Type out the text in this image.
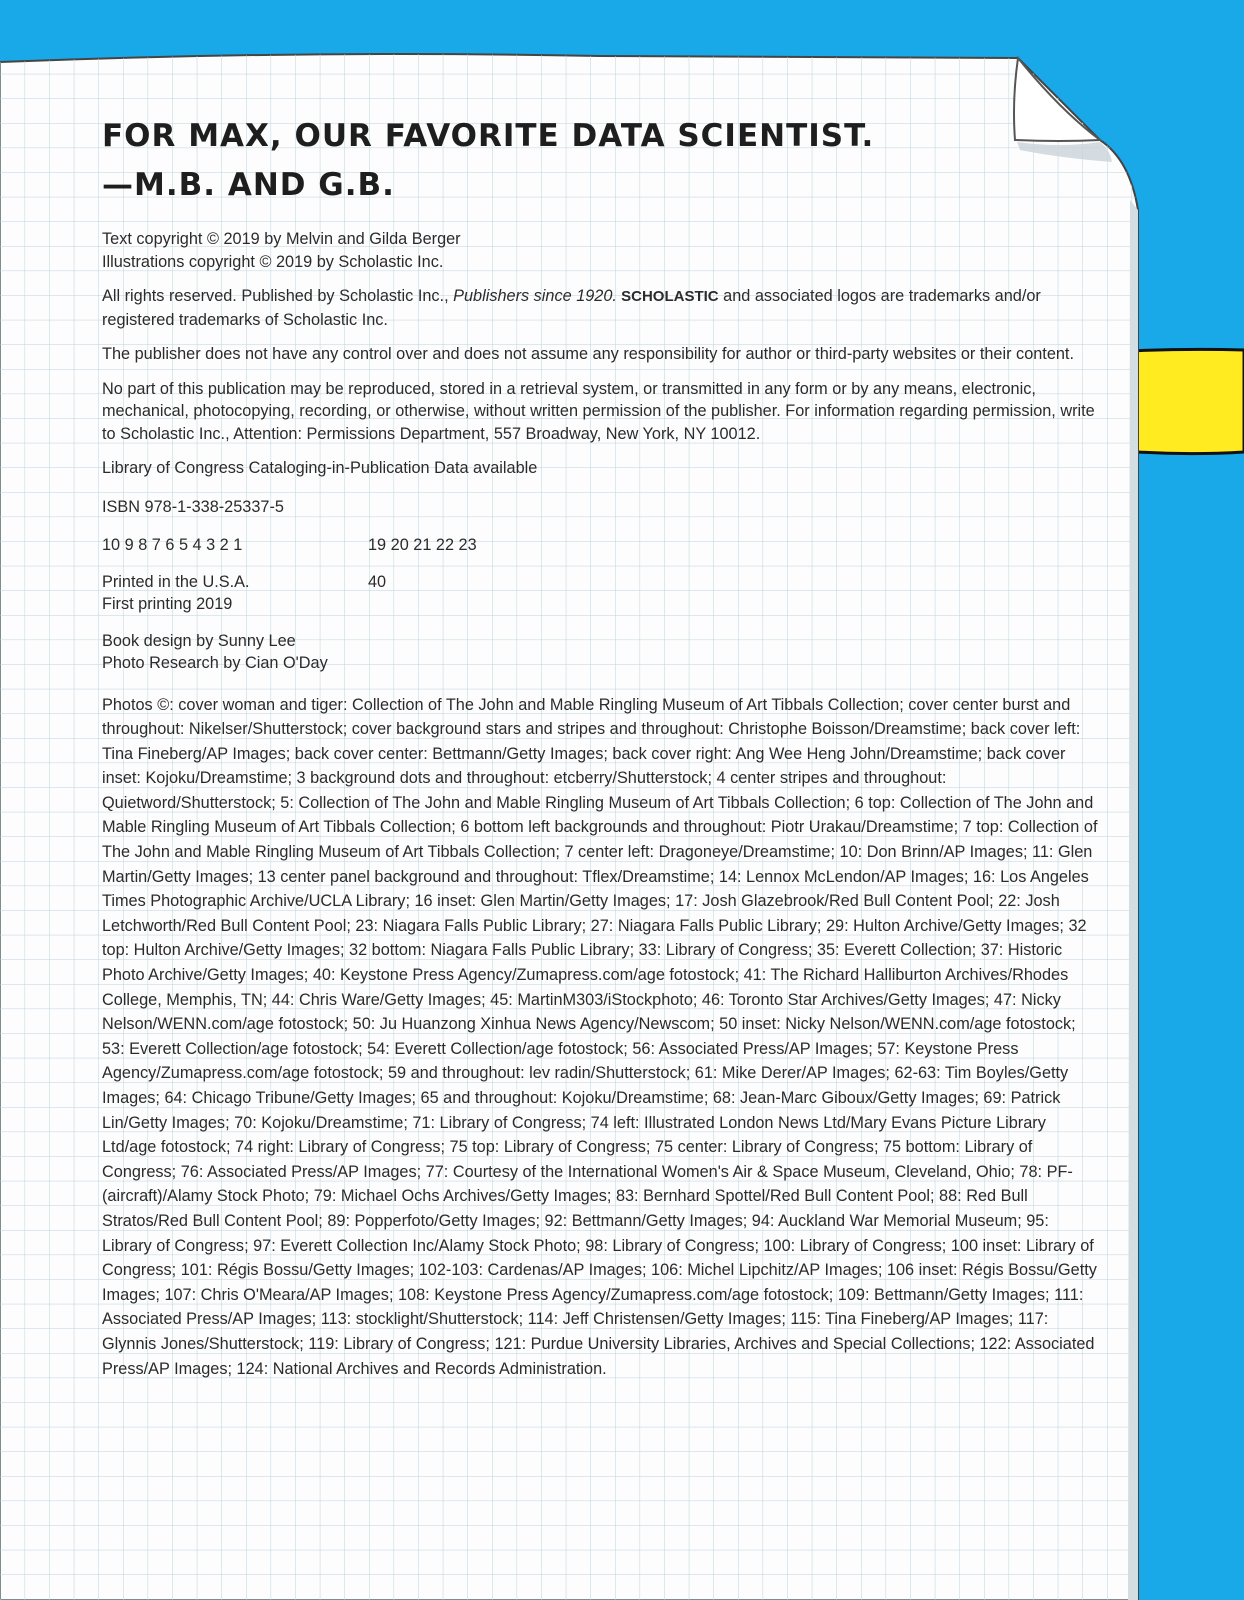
FOR MAX, OUR FAVORITE DATA SCIENTIST.

—M.B. AND G.B.

Text copyright © 2019 by Melvin and Gilda Berger
Illustrations copyright © 2019 by Scholastic Inc.

All rights reserved. Published by Scholastic Inc., Publishers since 1920. SCHOLASTIC and associated logos are trademarks and/or registered trademarks of Scholastic Inc.

The publisher does not have any control over and does not assume any responsibility for author or third-party websites or their content.

No part of this publication may be reproduced, stored in a retrieval system, or transmitted in any form or by any means, electronic, mechanical, photocopying, recording, or otherwise, without written permission of the publisher. For information regarding permission, write to Scholastic Inc., Attention: Permissions Department, 557 Broadway, New York, NY 10012.

Library of Congress Cataloging-in-Publication Data available

ISBN 978-1-338-25337-5

10 9 8 7 6 5 4 3 2 1	19 20 21 22 23
Printed in the U.S.A.
First printing 2019
40

Book design by Sunny Lee
Photo Research by Cian O'Day

Photos ©: cover woman and tiger: Collection of The John and Mable Ringling Museum of Art Tibbals Collection; cover center burst and throughout: Nikelser/Shutterstock; cover background stars and stripes and throughout: Christophe Boisson/Dreamstime; back cover left: Tina Fineberg/AP Images; back cover center: Bettmann/Getty Images; back cover right: Ang Wee Heng John/Dreamstime; back cover inset: Kojoku/Dreamstime; 3 background dots and throughout: etcberry/Shutterstock; 4 center stripes and throughout: Quietword/Shutterstock; 5: Collection of The John and Mable Ringling Museum of Art Tibbals Collection; 6 top: Collection of The John and Mable Ringling Museum of Art Tibbals Collection; 6 bottom left backgrounds and throughout: Piotr Urakau/Dreamstime; 7 top: Collection of The John and Mable Ringling Museum of Art Tibbals Collection; 7 center left: Dragoneye/Dreamstime; 10: Don Brinn/AP Images; 11: Glen Martin/Getty Images; 13 center panel background and throughout: Tflex/Dreamstime; 14: Lennox McLendon/AP Images; 16: Los Angeles Times Photographic Archive/UCLA Library; 16 inset: Glen Martin/Getty Images; 17: Josh Glazebrook/Red Bull Content Pool; 22: Josh Letchworth/Red Bull Content Pool; 23: Niagara Falls Public Library; 27: Niagara Falls Public Library; 29: Hulton Archive/Getty Images; 32 top: Hulton Archive/Getty Images; 32 bottom: Niagara Falls Public Library; 33: Library of Congress; 35: Everett Collection; 37: Historic Photo Archive/Getty Images; 40: Keystone Press Agency/Zumapress.com/age fotostock; 41: The Richard Halliburton Archives/Rhodes College, Memphis, TN; 44: Chris Ware/Getty Images; 45: MartinM303/iStockphoto; 46: Toronto Star Archives/Getty Images; 47: Nicky Nelson/WENN.com/age fotostock; 50: Ju Huanzong Xinhua News Agency/Newscom; 50 inset: Nicky Nelson/WENN.com/age fotostock; 53: Everett Collection/age fotostock; 54: Everett Collection/age fotostock; 56: Associated Press/AP Images; 57: Keystone Press Agency/Zumapress.com/age fotostock; 59 and throughout: lev radin/Shutterstock; 61: Mike Derer/AP Images; 62-63: Tim Boyles/Getty Images; 64: Chicago Tribune/Getty Images; 65 and throughout: Kojoku/Dreamstime; 68: Jean-Marc Giboux/Getty Images; 69: Patrick Lin/Getty Images; 70: Kojoku/Dreamstime; 71: Library of Congress; 74 left: Illustrated London News Ltd/Mary Evans Picture Library Ltd/age fotostock; 74 right: Library of Congress; 75 top: Library of Congress; 75 center: Library of Congress; 75 bottom: Library of Congress; 76: Associated Press/AP Images; 77: Courtesy of the International Women's Air & Space Museum, Cleveland, Ohio; 78: PF-(aircraft)/Alamy Stock Photo; 79: Michael Ochs Archives/Getty Images; 83: Bernhard Spottel/Red Bull Content Pool; 88: Red Bull Stratos/Red Bull Content Pool; 89: Popperfoto/Getty Images; 92: Bettmann/Getty Images; 94: Auckland War Memorial Museum; 95: Library of Congress; 97: Everett Collection Inc/Alamy Stock Photo; 98: Library of Congress; 100: Library of Congress; 100 inset: Library of Congress; 101: Régis Bossu/Getty Images; 102-103: Cardenas/AP Images; 106: Michel Lipchitz/AP Images; 106 inset: Régis Bossu/Getty Images; 107: Chris O'Meara/AP Images; 108: Keystone Press Agency/Zumapress.com/age fotostock; 109: Bettmann/Getty Images; 111: Associated Press/AP Images; 113: stocklight/Shutterstock; 114: Jeff Christensen/Getty Images; 115: Tina Fineberg/AP Images; 117: Glynnis Jones/Shutterstock; 119: Library of Congress; 121: Purdue University Libraries, Archives and Special Collections; 122: Associated Press/AP Images; 124: National Archives and Records Administration.
